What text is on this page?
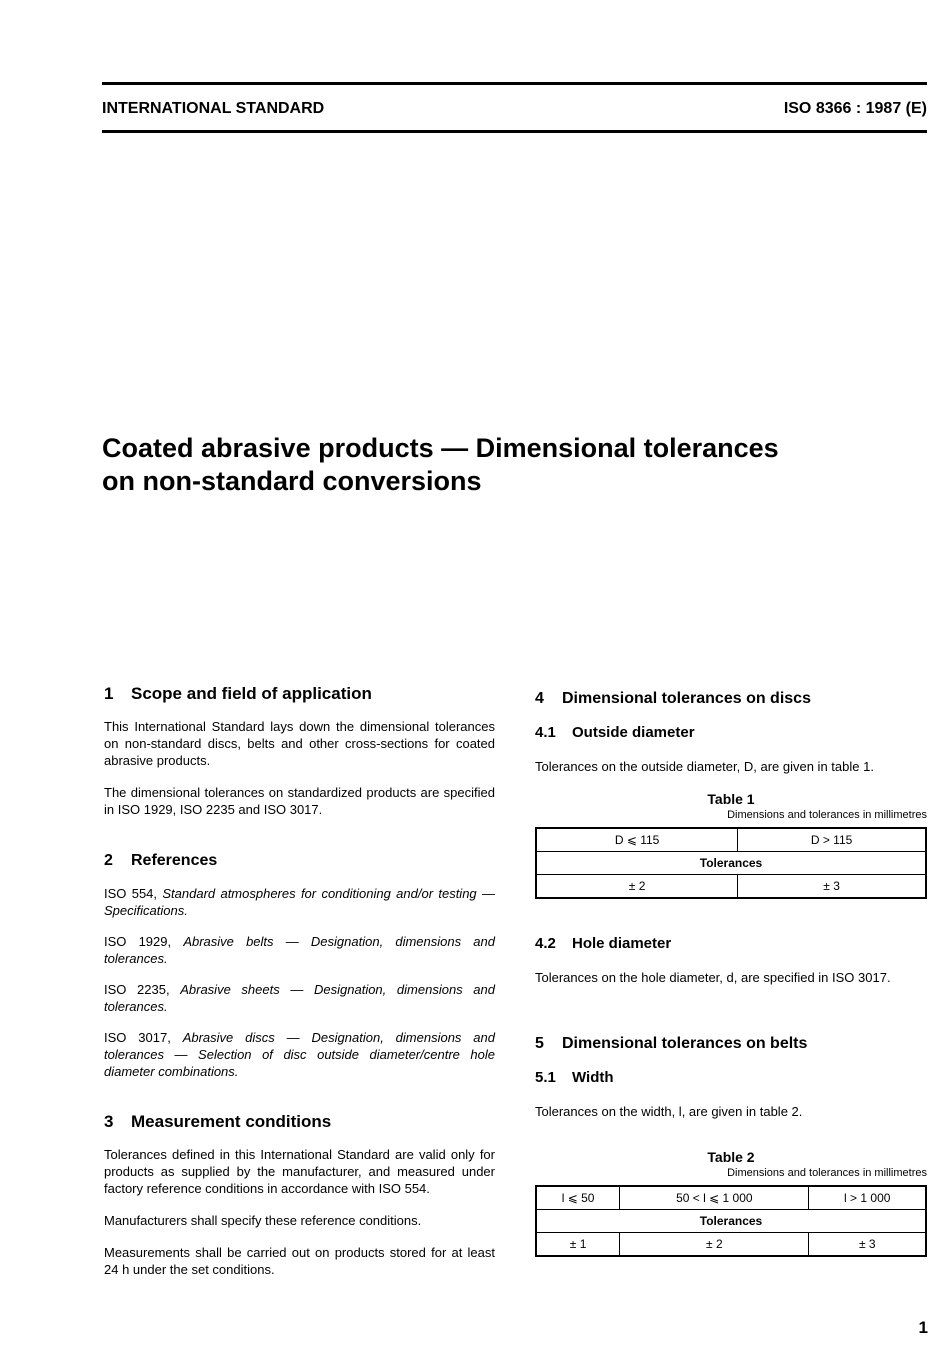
INTERNATIONAL STANDARD	ISO 8366 : 1987 (E)
Coated abrasive products — Dimensional tolerances
on non-standard conversions
1 Scope and field of application

This International Standard lays down the dimensional tolerances on non-standard discs, belts and other cross-sections for coated abrasive products.

The dimensional tolerances on standardized products are specified in ISO 1929, ISO 2235 and ISO 3017.

2 References

ISO 554, Standard atmospheres for conditioning and/or testing — Specifications.

ISO 1929, Abrasive belts — Designation, dimensions and tolerances.

ISO 2235, Abrasive sheets — Designation, dimensions and tolerances.

ISO 3017, Abrasive discs — Designation, dimensions and tolerances — Selection of disc outside diameter/centre hole diameter combinations.

3 Measurement conditions

Tolerances defined in this International Standard are valid only for products as supplied by the manufacturer, and measured under factory reference conditions in accordance with ISO 554.

Manufacturers shall specify these reference conditions.

Measurements shall be carried out on products stored for at least 24 h under the set conditions.

4 Dimensional tolerances on discs
4.1 Outside diameter

Tolerances on the outside diameter, D, are given in table 1.

Table 1
Dimensions and tolerances in millimetres
D ⩽ 115	D > 115
Tolerances	
± 2	± 3
4.2 Hole diameter

Tolerances on the hole diameter, d, are specified in ISO 3017.

5 Dimensional tolerances on belts
5.1 Width

Tolerances on the width, l, are given in table 2.

Table 2
Dimensions and tolerances in millimetres
l ⩽ 50	50 < l ⩽ 1 000	l > 1 000
Tolerances		
± 1	± 2	± 3
1
